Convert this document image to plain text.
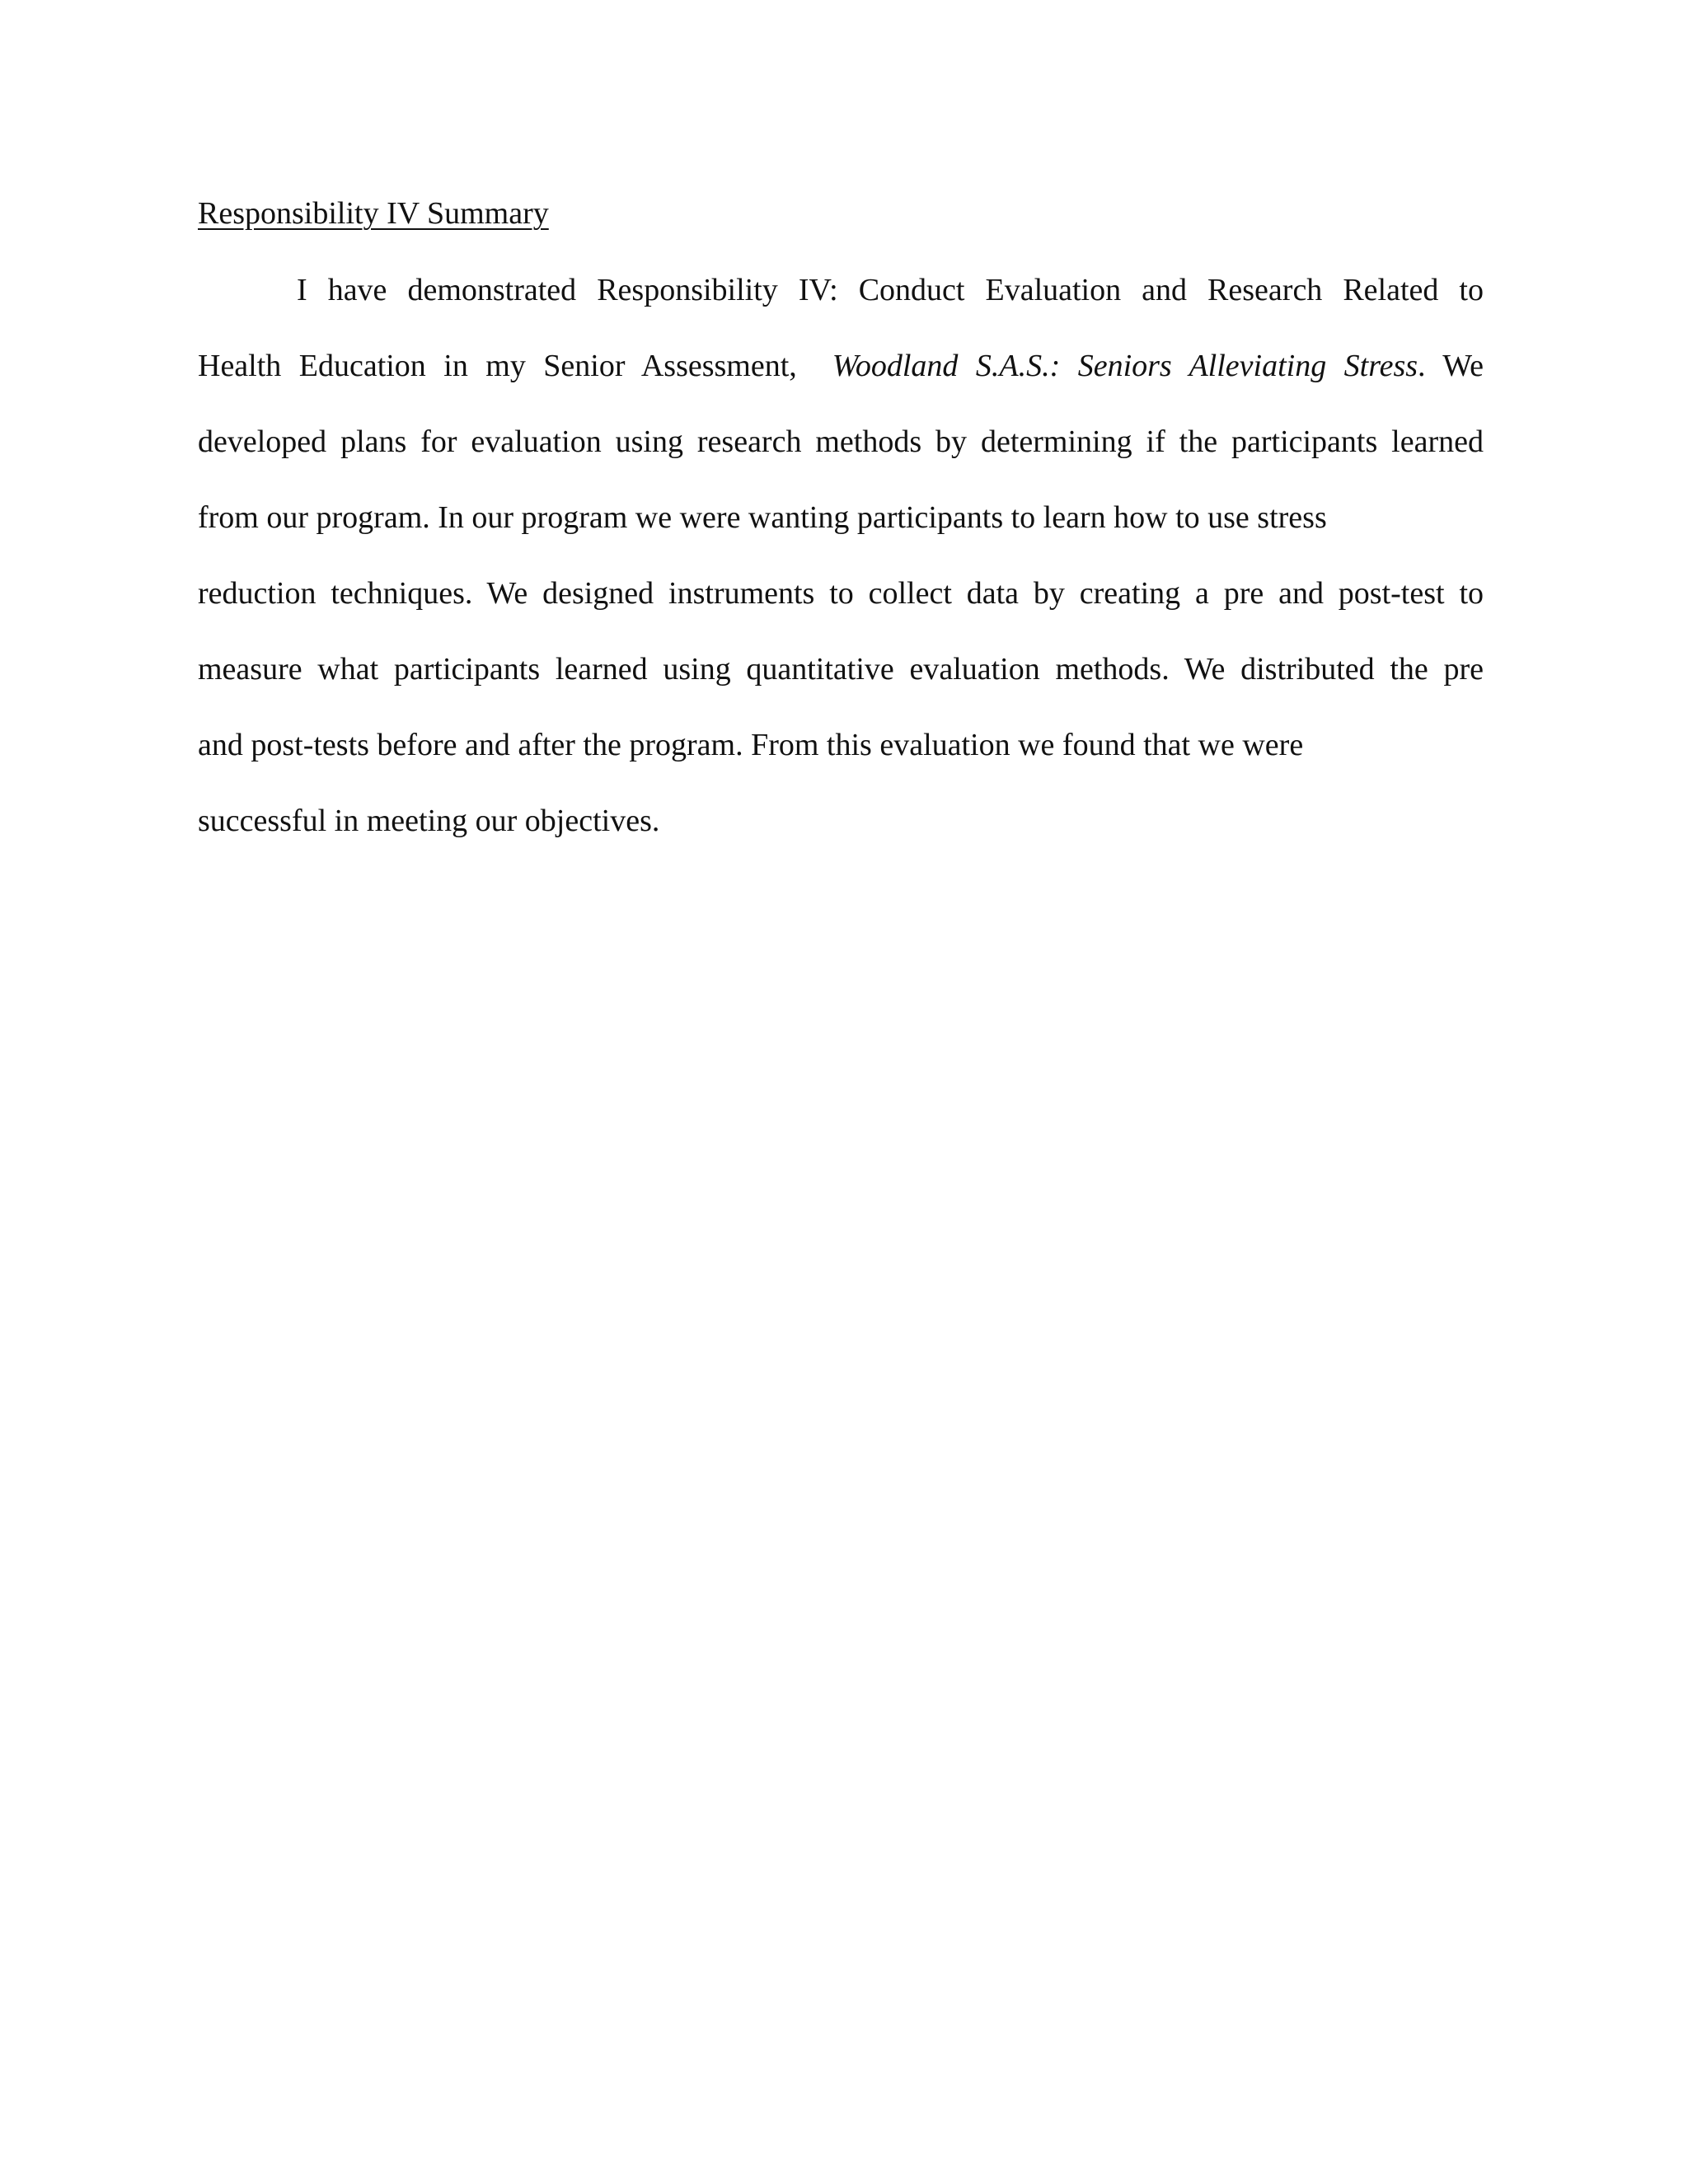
Responsibility IV Summary
I have demonstrated Responsibility IV: Conduct Evaluation and Research Related to
Health Education in my Senior Assessment, Woodland S.A.S.: Seniors Alleviating Stress. We
developed plans for evaluation using research methods by determining if the participants learned
from our program. In our program we were wanting participants to learn how to use stress
reduction techniques. We designed instruments to collect data by creating a pre and post-test to
measure what participants learned using quantitative evaluation methods. We distributed the pre
and post-tests before and after the program. From this evaluation we found that we were
successful in meeting our objectives.
